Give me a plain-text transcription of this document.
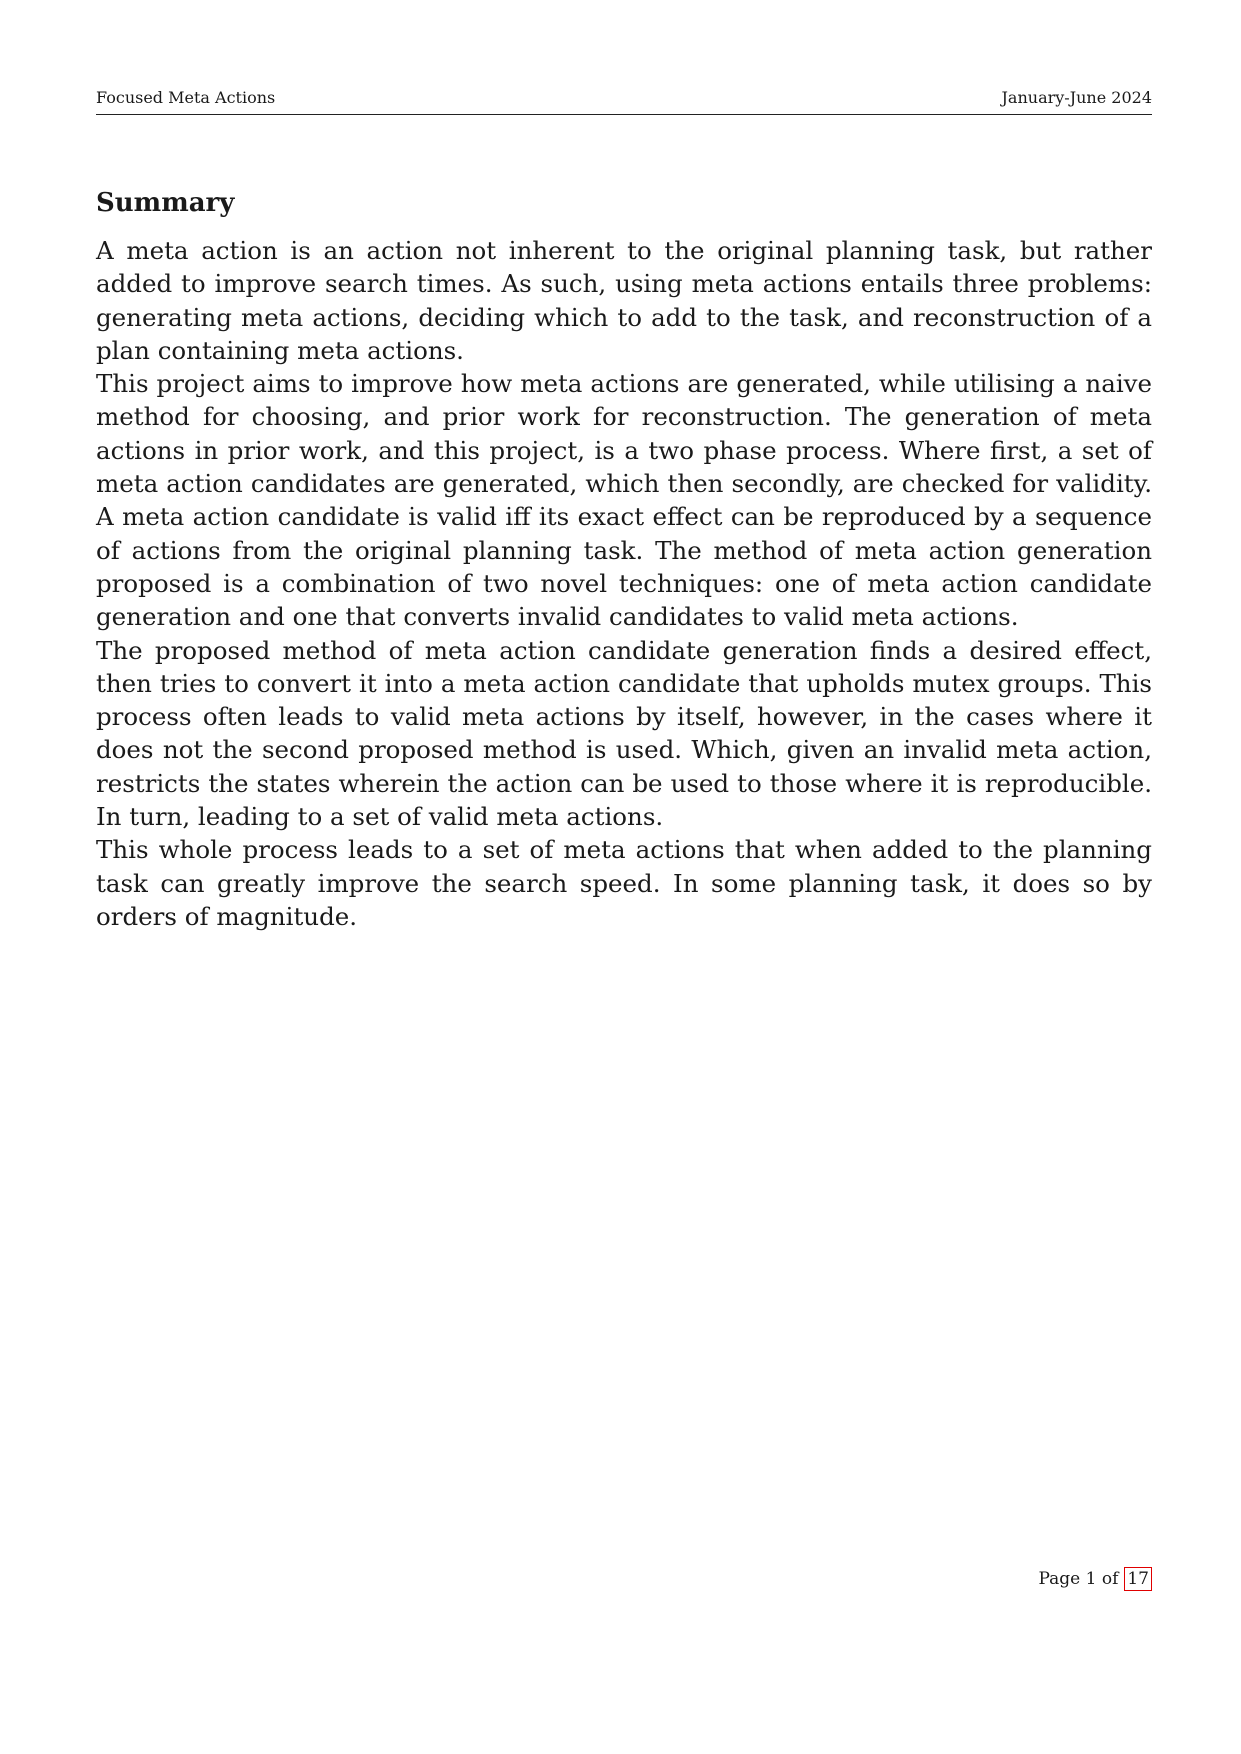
Focused Meta Actions	January-June 2024
Summary

A meta action is an action not inherent to the original planning task, but rather added to improve search times. As such, using meta actions entails three problems: generating meta actions, deciding which to add to the task, and reconstruction of a plan containing meta actions.

This project aims to improve how meta actions are generated, while utilising a naive method for choosing, and prior work for reconstruction. The generation of meta actions in prior work, and this project, is a two phase process. Where first, a set of meta action candidates are generated, which then secondly, are checked for validity. A meta action candidate is valid iff its exact effect can be reproduced by a sequence of actions from the original planning task. The method of meta action generation proposed is a combination of two novel techniques: one of meta action candidate generation and one that converts invalid candidates to valid meta actions.

The proposed method of meta action candidate generation finds a desired effect, then tries to convert it into a meta action candidate that upholds mutex groups. This process often leads to valid meta actions by itself, however, in the cases where it does not the second proposed method is used. Which, given an invalid meta action, restricts the states wherein the action can be used to those where it is reproducible. In turn, leading to a set of valid meta actions.

This whole process leads to a set of meta actions that when added to the planning task can greatly improve the search speed. In some planning task, it does so by orders of magnitude.

Page 1 of 17
